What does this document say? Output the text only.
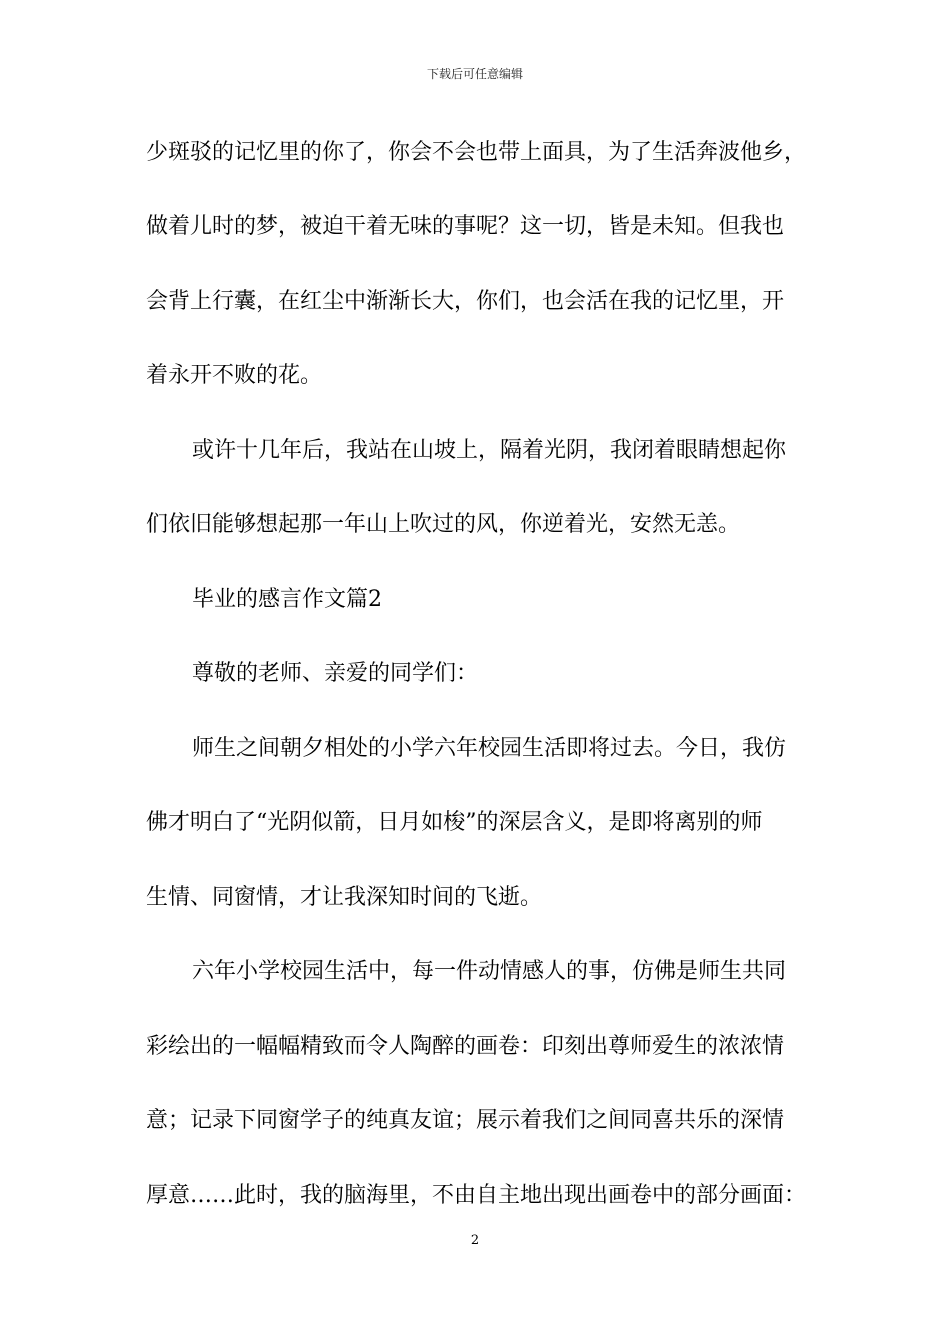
下载后可任意编辑
少斑驳的记忆里的你了，你会不会也带上面具，为了生活奔波他乡，
做着儿时的梦，被迫干着无味的事呢？这一切，皆是未知。但我也
会背上行囊，在红尘中渐渐长大，你们，也会活在我的记忆里，开
着永开不败的花。
或许十几年后，我站在山坡上，隔着光阴，我闭着眼睛想起你
们依旧能够想起那一年山上吹过的风，你逆着光，安然无恙。
毕业的感言作文篇2
尊敬的老师、亲爱的同学们：
师生之间朝夕相处的小学六年校园生活即将过去。今日，我仿
佛才明白了“光阴似箭，日月如梭”的深层含义，是即将离别的师
生情、同窗情，才让我深知时间的飞逝。
六年小学校园生活中，每一件动情感人的事，仿佛是师生共同
彩绘出的一幅幅精致而令人陶醉的画卷：印刻出尊师爱生的浓浓情
意；记录下同窗学子的纯真友谊；展示着我们之间同喜共乐的深情
厚意……此时，我的脑海里，不由自主地出现出画卷中的部分画面：
2
